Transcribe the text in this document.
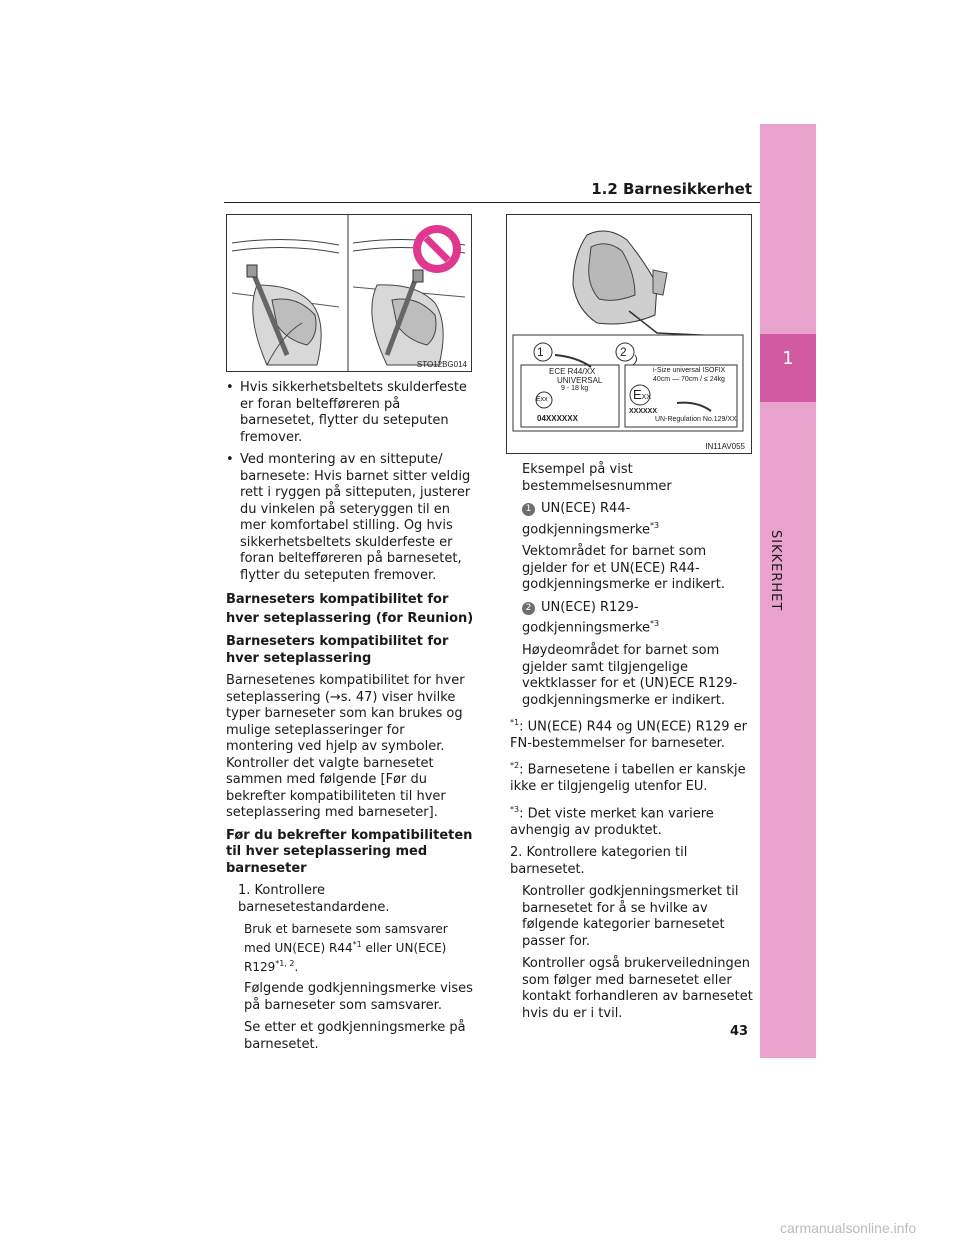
1.2 Barnesikkerhet
1
SIKKERHET
STO12BG014
1	2
ECE R44/XX
UNIVERSAL
9 - 18 kg
Exx
04XXXXXX
i-Size universal ISOFIX
40cm — 70cm / ≤ 24kg
EXX
XXXXXX
UN-Regulation No.129/XX
IN11AV055
• Hvis sikkerhetsbeltets skulderfeste er foran beltefføreren på barnesetet, flytter du seteputen fremover.
• Ved montering av en sittepute/ barnesete: Hvis barnet sitter veldig rett i ryggen på sitteputen, justerer du vinkelen på seteryggen til en mer komfortabel stilling. Og hvis sikkerhetsbeltets skulderfeste er foran beltefføreren på barnesetet, flytter du seteputen fremover.

Barneseters kompatibilitet for hver seteplassering (for Reunion)

Barneseters kompatibilitet for hver seteplassering

Barnesetenes kompatibilitet for hver seteplassering (→s. 47) viser hvilke typer barneseter som kan brukes og mulige seteplasseringer for montering ved hjelp av symboler. Kontroller det valgte barnesetet sammen med følgende [Før du bekrefter kompatibiliteten til hver seteplassering med barneseter].

Før du bekrefter kompatibiliteten til hver seteplassering med barneseter

1. Kontrollere barnesetestandardene.

Bruk et barnesete som samsvarer med UN(ECE) R44$^{*1}$ eller UN(ECE) R129$^{*1, 2}$.

Følgende godkjenningsmerke vises på barneseter som samsvarer.

Se etter et godkjenningsmerke på barnesetet.

Eksempel på vist bestemmelsesnummer

1 UN(ECE) R44- godkjenningsmerke$^{*3}$

Vektområdet for barnet som gjelder for et UN(ECE) R44- godkjenningsmerke er indikert.

2 UN(ECE) R129- godkjenningsmerke$^{*3}$

Høydeområdet for barnet som gjelder samt tilgjengelige vektklasser for et (UN)ECE R129- godkjenningsmerke er indikert.

$^{*1}$: UN(ECE) R44 og UN(ECE) R129 er FN-bestemmelser for barneseter.

$^{*2}$: Barnesetene i tabellen er kanskje ikke er tilgjengelig utenfor EU.

$^{*3}$: Det viste merket kan variere avhengig av produktet.

2. Kontrollere kategorien til barnesetet.

Kontroller godkjenningsmerket til barnesetet for å se hvilke av følgende kategorier barnesetet passer for.

Kontroller også brukerveiledningen som følger med barnesetet eller kontakt forhandleren av barnesetet hvis du er i tvil.

43
carmanualsonline.info
